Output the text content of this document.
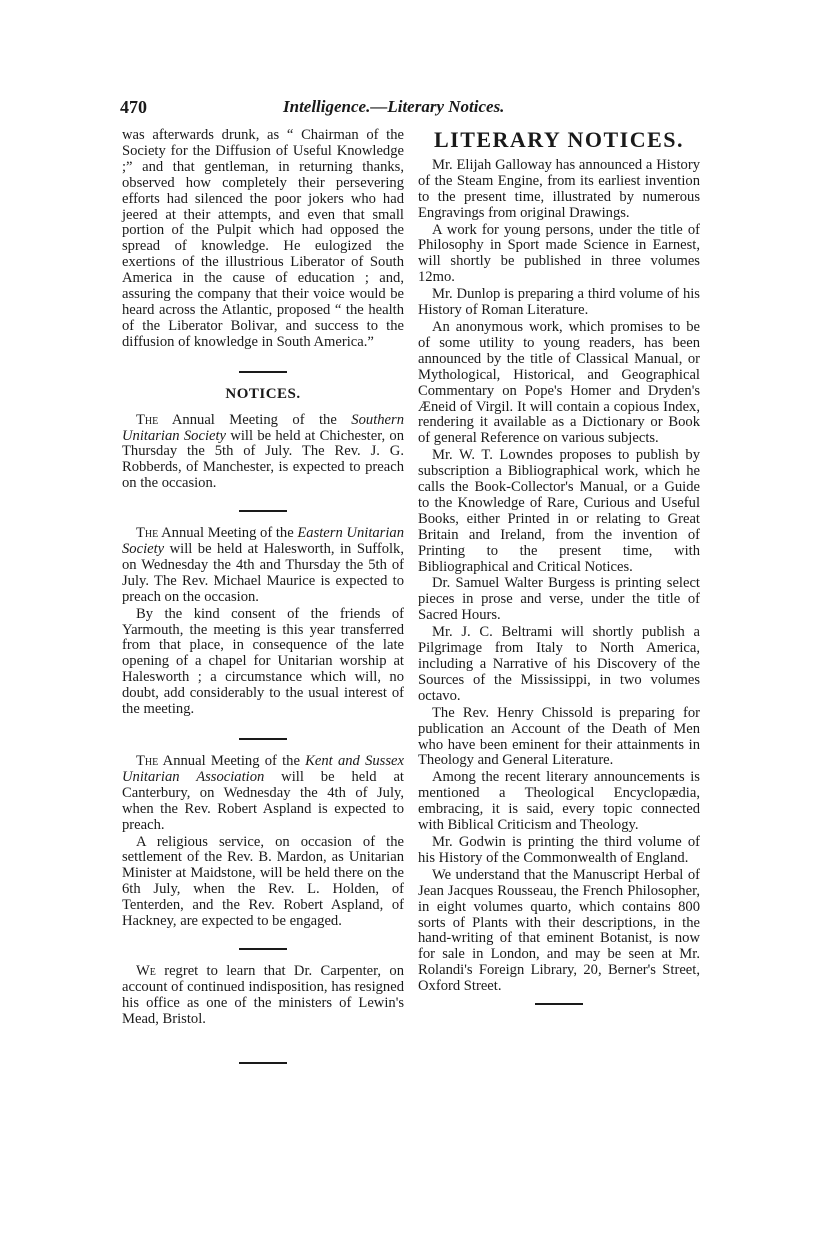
470	Intelligence.—Literary Notices.

was afterwards drunk, as “ Chairman of the Society for the Diffusion of Useful Knowledge ;” and that gentleman, in returning thanks, observed how completely their persevering efforts had silenced the poor jokers who had jeered at their attempts, and even that small portion of the Pulpit which had opposed the spread of knowledge. He eulogized the exertions of the illustrious Liberator of South America in the cause of education ; and, assuring the company that their voice would be heard across the Atlantic, proposed “ the health of the Liberator Bolivar, and success to the diffusion of knowledge in South America.”

NOTICES.

The Annual Meeting of the Southern Unitarian Society will be held at Chichester, on Thursday the 5th of July. The Rev. J. G. Robberds, of Manchester, is expected to preach on the occasion.

The Annual Meeting of the Eastern Unitarian Society will be held at Halesworth, in Suffolk, on Wednesday the 4th and Thursday the 5th of July. The Rev. Michael Maurice is expected to preach on the occasion.

By the kind consent of the friends of Yarmouth, the meeting is this year transferred from that place, in consequence of the late opening of a chapel for Unitarian worship at Halesworth ; a circumstance which will, no doubt, add considerably to the usual interest of the meeting.

The Annual Meeting of the Kent and Sussex Unitarian Association will be held at Canterbury, on Wednesday the 4th of July, when the Rev. Robert Aspland is expected to preach.

A religious service, on occasion of the settlement of the Rev. B. Mardon, as Unitarian Minister at Maidstone, will be held there on the 6th July, when the Rev. L. Holden, of Tenterden, and the Rev. Robert Aspland, of Hackney, are expected to be engaged.

We regret to learn that Dr. Carpenter, on account of continued indisposition, has resigned his office as one of the ministers of Lewin's Mead, Bristol.

LITERARY NOTICES.

Mr. Elijah Galloway has announced a History of the Steam Engine, from its earliest invention to the present time, illustrated by numerous Engravings from original Drawings.

A work for young persons, under the title of Philosophy in Sport made Science in Earnest, will shortly be published in three volumes 12mo.

Mr. Dunlop is preparing a third volume of his History of Roman Literature.

An anonymous work, which promises to be of some utility to young readers, has been announced by the title of Classical Manual, or Mythological, Historical, and Geographical Commentary on Pope's Homer and Dryden's Æneid of Virgil. It will contain a copious Index, rendering it available as a Dictionary or Book of general Reference on various subjects.

Mr. W. T. Lowndes proposes to publish by subscription a Bibliographical work, which he calls the Book-Collector's Manual, or a Guide to the Knowledge of Rare, Curious and Useful Books, either Printed in or relating to Great Britain and Ireland, from the invention of Printing to the present time, with Bibliographical and Critical Notices.

Dr. Samuel Walter Burgess is printing select pieces in prose and verse, under the title of Sacred Hours.

Mr. J. C. Beltrami will shortly publish a Pilgrimage from Italy to North America, including a Narrative of his Discovery of the Sources of the Mississippi, in two volumes octavo.

The Rev. Henry Chissold is preparing for publication an Account of the Death of Men who have been eminent for their attainments in Theology and General Literature.

Among the recent literary announcements is mentioned a Theological Encyclopædia, embracing, it is said, every topic connected with Biblical Criticism and Theology.

Mr. Godwin is printing the third volume of his History of the Commonwealth of England.

We understand that the Manuscript Herbal of Jean Jacques Rousseau, the French Philosopher, in eight volumes quarto, which contains 800 sorts of Plants with their descriptions, in the hand-writing of that eminent Botanist, is now for sale in London, and may be seen at Mr. Rolandi's Foreign Library, 20, Berner's Street, Oxford Street.
